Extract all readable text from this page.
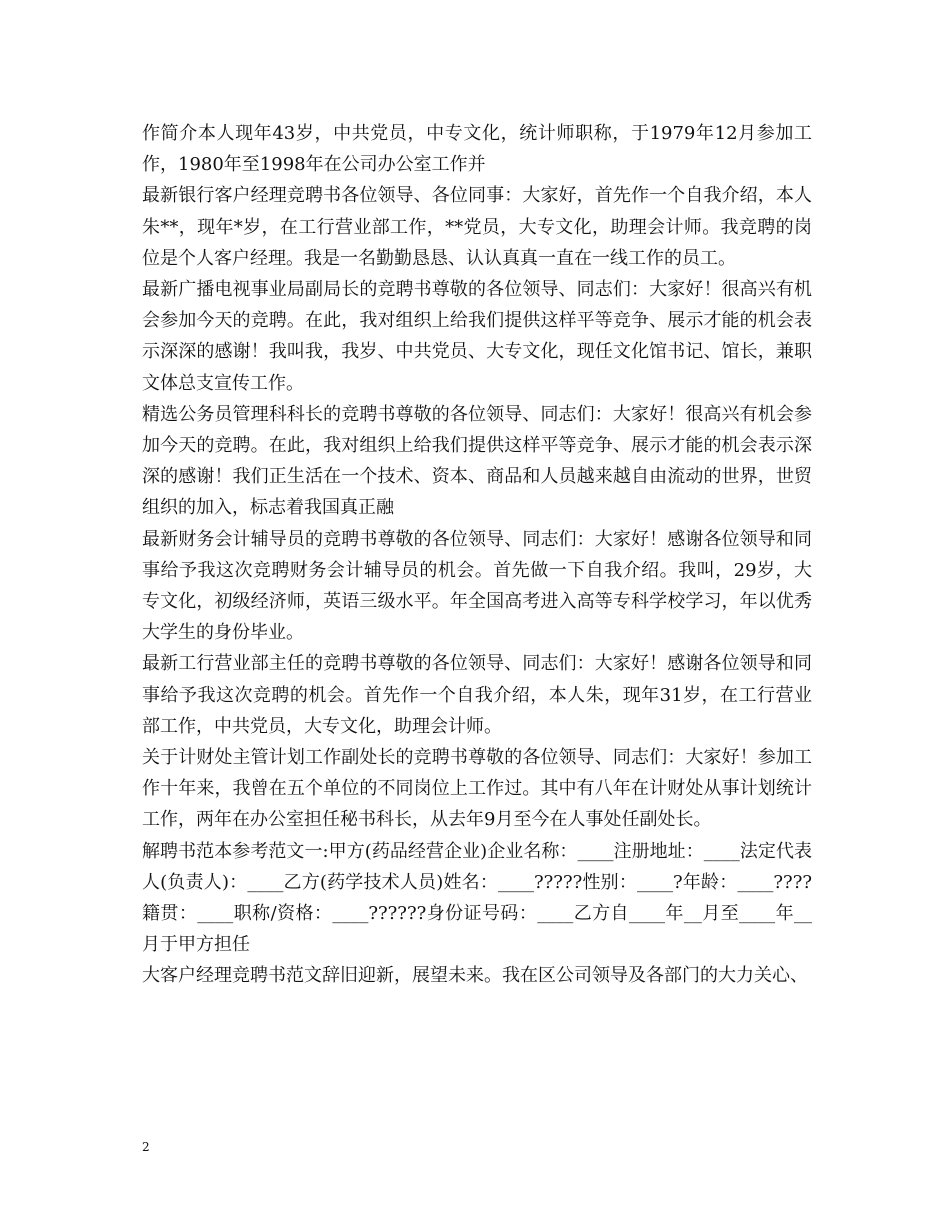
作简介本人现年43岁，中共党员，中专文化，统计师职称，于1979年12月参加工作，1980年至1998年在公司办公室工作并

最新银行客户经理竞聘书各位领导、各位同事：大家好，首先作一个自我介绍，本人朱**，现年*岁，在工行营业部工作，**党员，大专文化，助理会计师。我竞聘的岗位是个人客户经理。我是一名勤勤恳恳、认认真真一直在一线工作的员工。

最新广播电视事业局副局长的竞聘书尊敬的各位领导、同志们：大家好！很高兴有机会参加今天的竞聘。在此，我对组织上给我们提供这样平等竞争、展示才能的机会表示深深的感谢！我叫我，我岁、中共党员、大专文化，现任文化馆书记、馆长，兼职文体总支宣传工作。

精选公务员管理科科长的竞聘书尊敬的各位领导、同志们：大家好！很高兴有机会参加今天的竞聘。在此，我对组织上给我们提供这样平等竞争、展示才能的机会表示深深的感谢！我们正生活在一个技术、资本、商品和人员越来越自由流动的世界，世贸组织的加入，标志着我国真正融

最新财务会计辅导员的竞聘书尊敬的各位领导、同志们：大家好！感谢各位领导和同事给予我这次竞聘财务会计辅导员的机会。首先做一下自我介绍。我叫，29岁，大专文化，初级经济师，英语三级水平。年全国高考进入高等专科学校学习，年以优秀大学生的身份毕业。

最新工行营业部主任的竞聘书尊敬的各位领导、同志们：大家好！感谢各位领导和同事给予我这次竞聘的机会。首先作一个自我介绍，本人朱，现年31岁，在工行营业部工作，中共党员，大专文化，助理会计师。

关于计财处主管计划工作副处长的竞聘书尊敬的各位领导、同志们：大家好！参加工作十年来，我曾在五个单位的不同岗位上工作过。其中有八年在计财处从事计划统计工作，两年在办公室担任秘书科长，从去年9月至今在人事处任副处长。

解聘书范本参考范文一:甲方(药品经营企业)企业名称：____注册地址：____法定代表人(负责人)：____乙方(药学技术人员)姓名：____?????性别：____?年龄：____????籍贯：____职称/资格：____??????身份证号码：____乙方自____年__月至____年__月于甲方担任

大客户经理竞聘书范文辞旧迎新，展望未来。我在区公司领导及各部门的大力关心、

2
